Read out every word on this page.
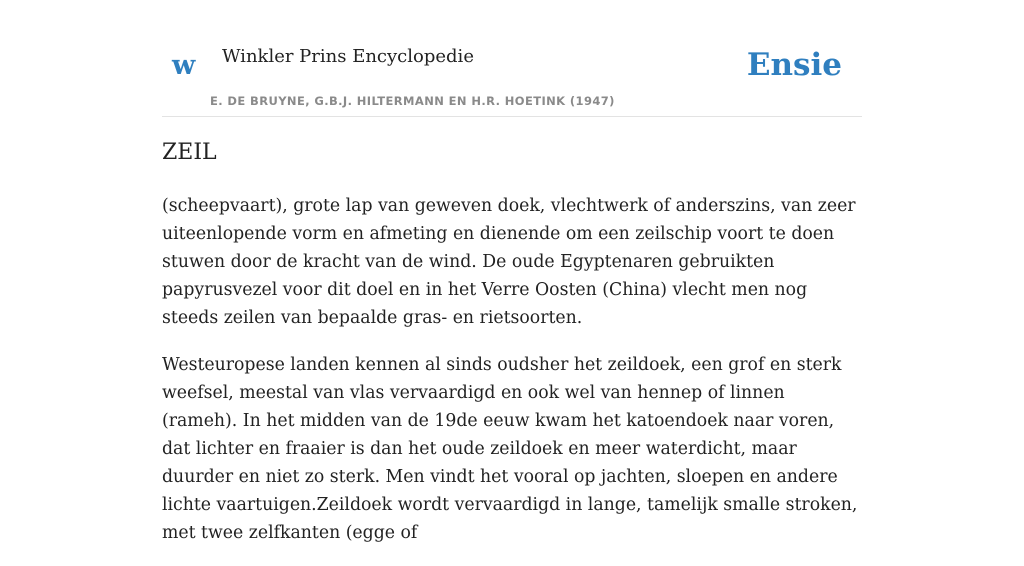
w Winkler Prins Encyclopedie
E. DE BRUYNE, G.B.J. HILTERMANN EN H.R. HOETINK (1947)
Ensie
ZEIL

(scheepvaart), grote lap van geweven doek, vlechtwerk of anderszins, van zeer uiteenlopende vorm en afmeting en dienende om een zeilschip voort te doen stuwen door de kracht van de wind. De oude Egyptenaren gebruikten papyrusvezel voor dit doel en in het Verre Oosten (China) vlecht men nog steeds zeilen van bepaalde gras- en rietsoorten.

Westeuropese landen kennen al sinds oudsher het zeildoek, een grof en sterk weefsel, meestal van vlas vervaardigd en ook wel van hennep of linnen (rameh). In het midden van de 19de eeuw kwam het katoendoek naar voren, dat lichter en fraaier is dan het oude zeildoek en meer waterdicht, maar duurder en niet zo sterk. Men vindt het vooral op jachten, sloepen en andere lichte vaartuigen.Zeildoek wordt vervaardigd in lange, tamelijk smalle stroken, met twee zelfkanten (egge of
